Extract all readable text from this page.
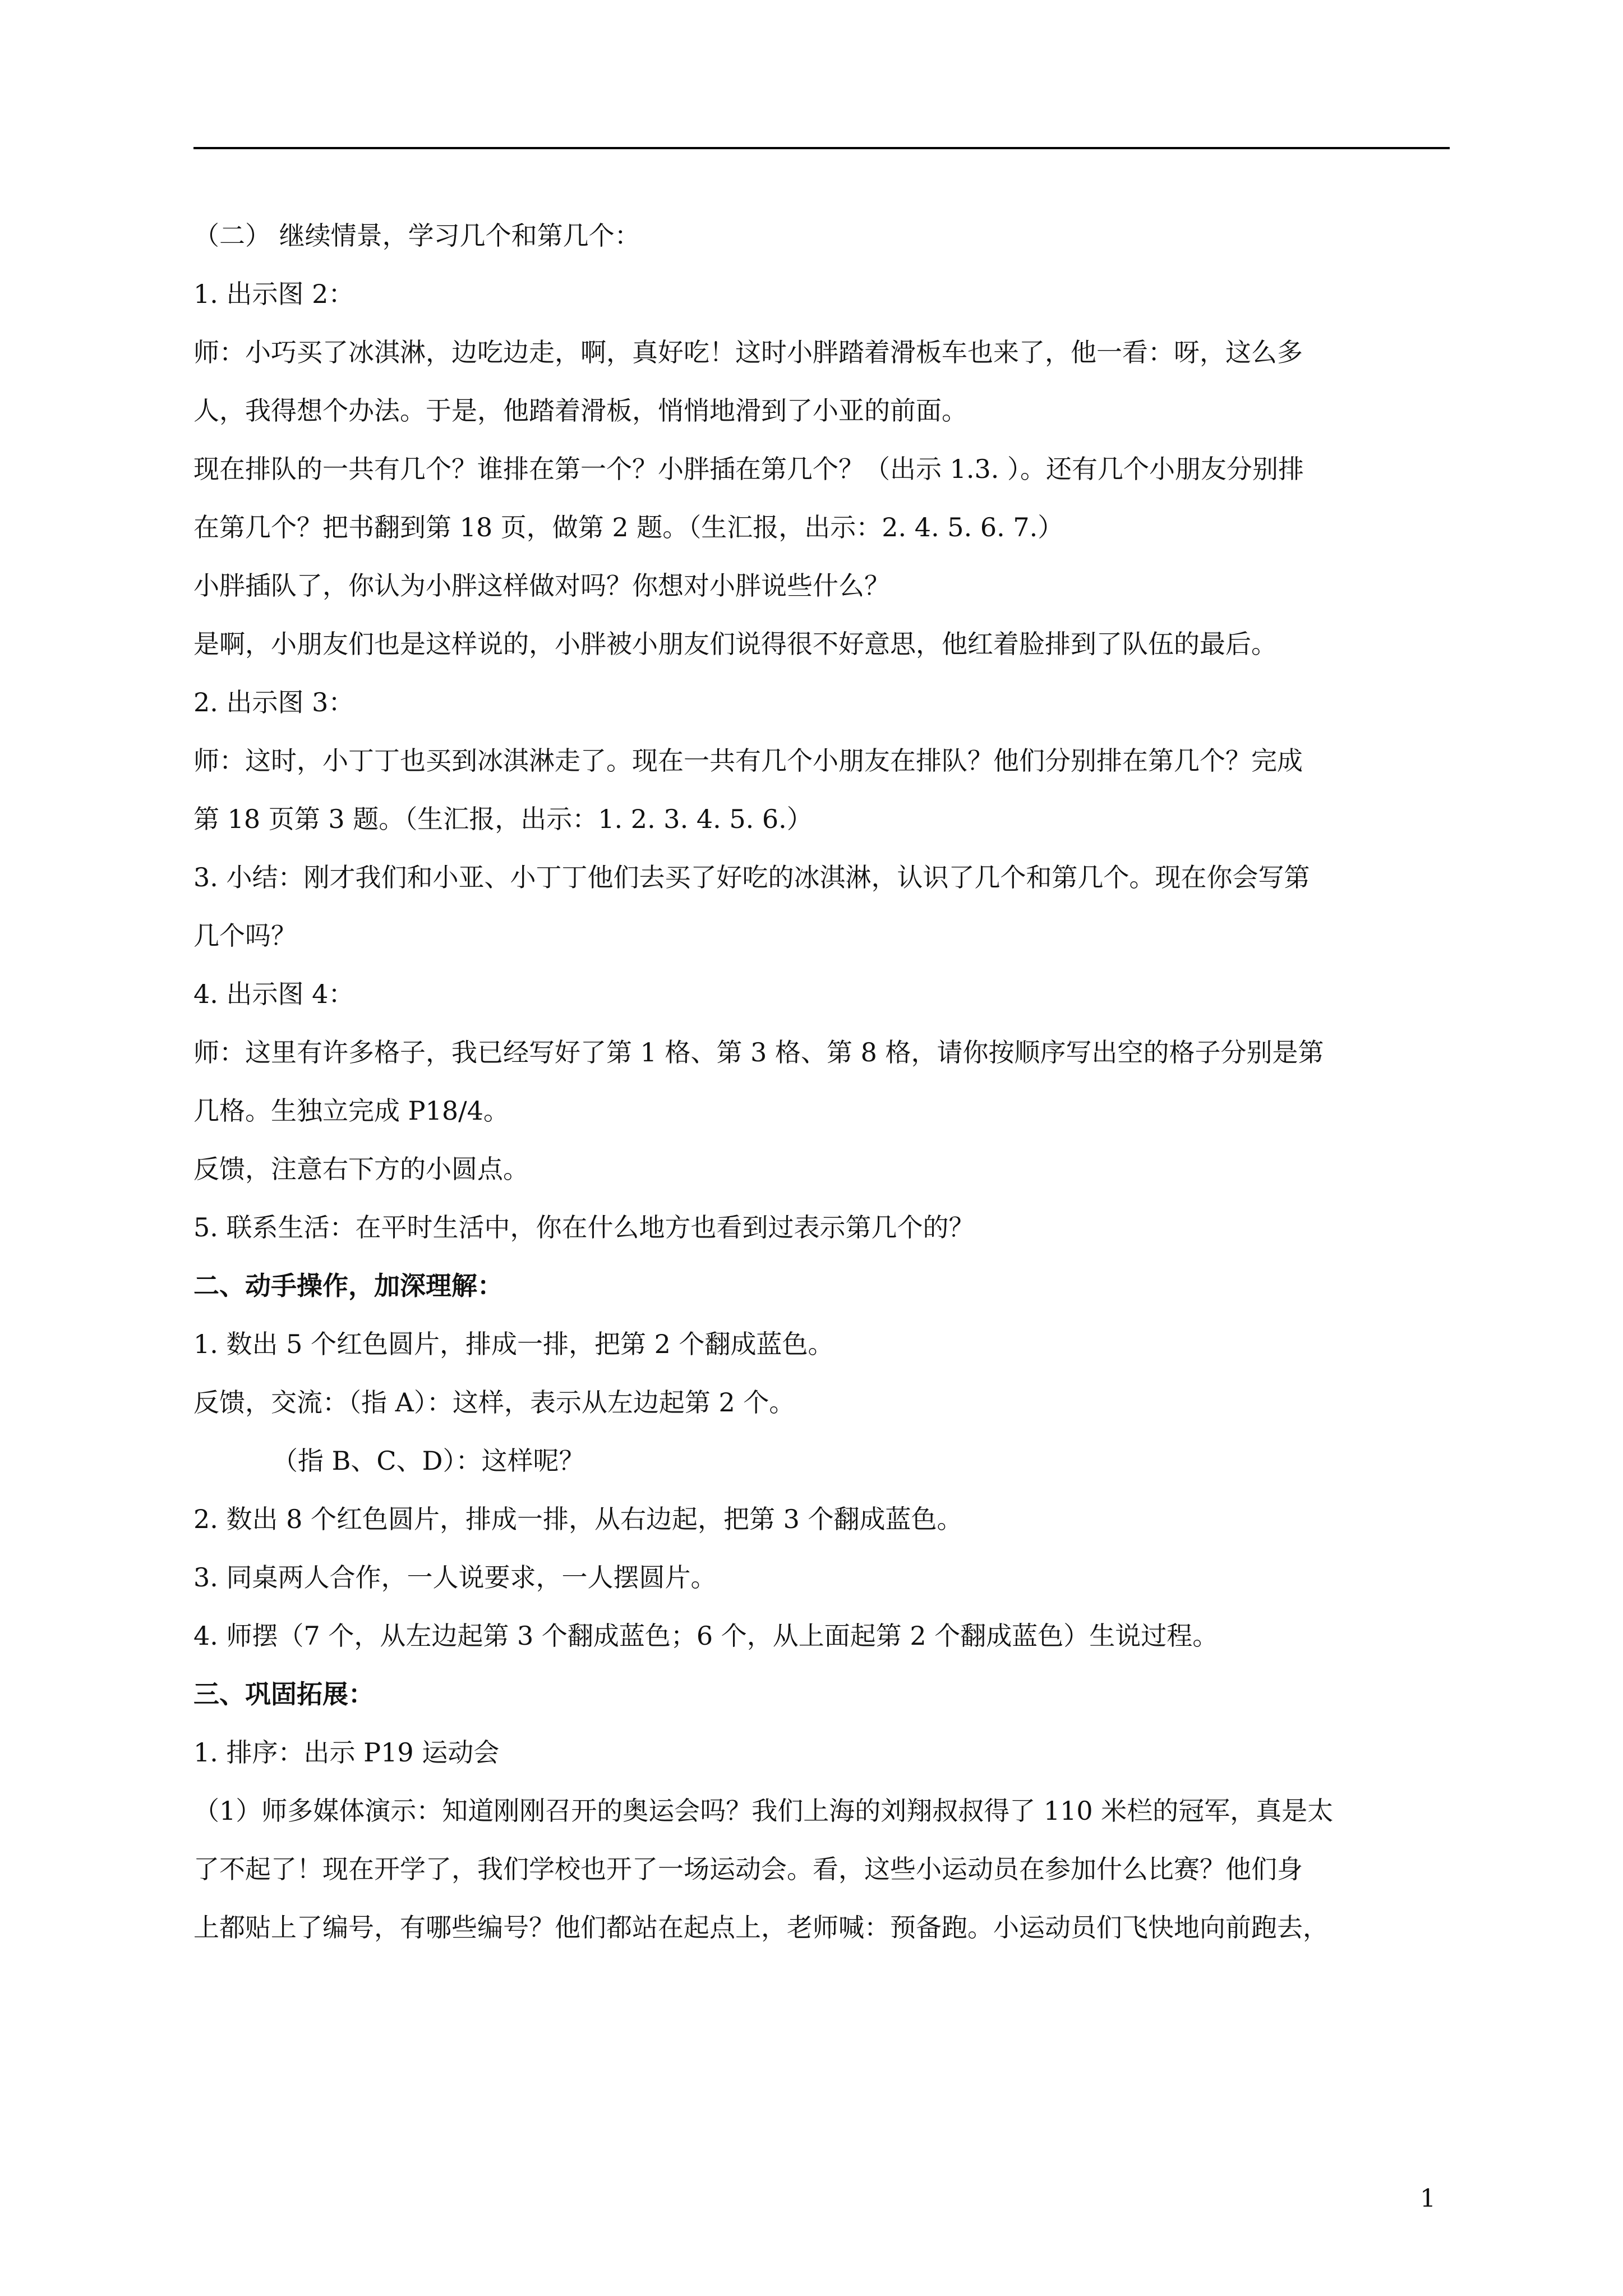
（二） 继续情景，学习几个和第几个：
1. 出示图 2：
师：小巧买了冰淇淋，边吃边走，啊，真好吃！这时小胖踏着滑板车也来了，他一看：呀，这么多
人，我得想个办法。于是，他踏着滑板，悄悄地滑到了小亚的前面。
现在排队的一共有几个？谁排在第一个？小胖插在第几个？（出示 1.3. ）。还有几个小朋友分别排
在第几个？把书翻到第 18 页，做第 2 题。（生汇报，出示：2. 4. 5. 6. 7.）
小胖插队了，你认为小胖这样做对吗？你想对小胖说些什么？
是啊，小朋友们也是这样说的，小胖被小朋友们说得很不好意思，他红着脸排到了队伍的最后。
2. 出示图 3：
师：这时，小丁丁也买到冰淇淋走了。现在一共有几个小朋友在排队？他们分别排在第几个？完成
第 18 页第 3 题。（生汇报，出示：1. 2. 3. 4. 5. 6.）
3. 小结：刚才我们和小亚、小丁丁他们去买了好吃的冰淇淋，认识了几个和第几个。现在你会写第
几个吗？
4. 出示图 4：
师：这里有许多格子，我已经写好了第 1 格、第 3 格、第 8 格，请你按顺序写出空的格子分别是第
几格。生独立完成 P18/4。
反馈，注意右下方的小圆点。
5. 联系生活：在平时生活中，你在什么地方也看到过表示第几个的？
二、动手操作，加深理解：
1. 数出 5 个红色圆片，排成一排，把第 2 个翻成蓝色。
反馈，交流：（指 A）：这样，表示从左边起第 2 个。
（指 B、C、D）：这样呢？
2. 数出 8 个红色圆片，排成一排，从右边起，把第 3 个翻成蓝色。
3. 同桌两人合作，一人说要求，一人摆圆片。
4. 师摆（7 个，从左边起第 3 个翻成蓝色；6 个，从上面起第 2 个翻成蓝色）生说过程。
三、巩固拓展：
1. 排序：出示 P19 运动会
（1）师多媒体演示：知道刚刚召开的奥运会吗？我们上海的刘翔叔叔得了 110 米栏的冠军，真是太
了不起了！现在开学了，我们学校也开了一场运动会。看，这些小运动员在参加什么比赛？他们身
上都贴上了编号，有哪些编号？他们都站在起点上，老师喊：预备跑。小运动员们飞快地向前跑去，
1
